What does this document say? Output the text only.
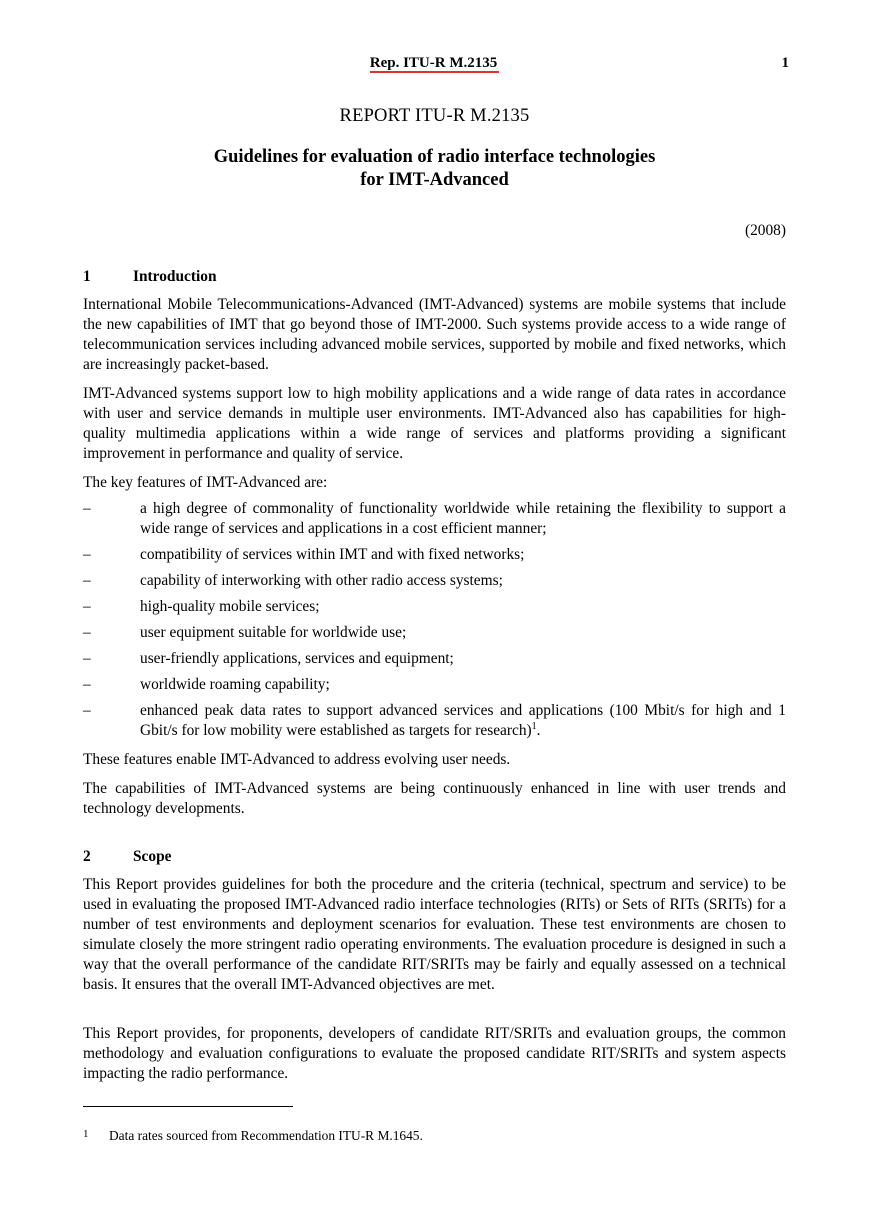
Rep. ITU-R M.2135	1
REPORT ITU-R M.2135
Guidelines for evaluation of radio interface technologies
for IMT-Advanced
(2008)
1	Introduction

International Mobile Telecommunications-Advanced (IMT-Advanced) systems are mobile systems that include the new capabilities of IMT that go beyond those of IMT-2000. Such systems provide access to a wide range of telecommunication services including advanced mobile services, supported by mobile and fixed networks, which are increasingly packet-based.

IMT-Advanced systems support low to high mobility applications and a wide range of data rates in accordance with user and service demands in multiple user environments. IMT-Advanced also has capabilities for high-quality multimedia applications within a wide range of services and platforms providing a significant improvement in performance and quality of service.

The key features of IMT-Advanced are:

–	a high degree of commonality of functionality worldwide while retaining the flexibility to support a wide range of services and applications in a cost efficient manner;
–	compatibility of services within IMT and with fixed networks;
–	capability of interworking with other radio access systems;
–	high-quality mobile services;
–	user equipment suitable for worldwide use;
–	user-friendly applications, services and equipment;
–	worldwide roaming capability;
–	enhanced peak data rates to support advanced services and applications (100 Mbit/s for high and 1 Gbit/s for low mobility were established as targets for research)$^1$.

These features enable IMT-Advanced to address evolving user needs.

The capabilities of IMT-Advanced systems are being continuously enhanced in line with user trends and technology developments.

2	Scope

This Report provides guidelines for both the procedure and the criteria (technical, spectrum and service) to be used in evaluating the proposed IMT-Advanced radio interface technologies (RITs) or Sets of RITs (SRITs) for a number of test environments and deployment scenarios for evaluation. These test environments are chosen to simulate closely the more stringent radio operating environments. The evaluation procedure is designed in such a way that the overall performance of the candidate RIT/SRITs may be fairly and equally assessed on a technical basis. It ensures that the overall IMT-Advanced objectives are met.

This Report provides, for proponents, developers of candidate RIT/SRITs and evaluation groups, the common methodology and evaluation configurations to evaluate the proposed candidate RIT/SRITs and system aspects impacting the radio performance.

1 Data rates sourced from Recommendation ITU-R M.1645.
